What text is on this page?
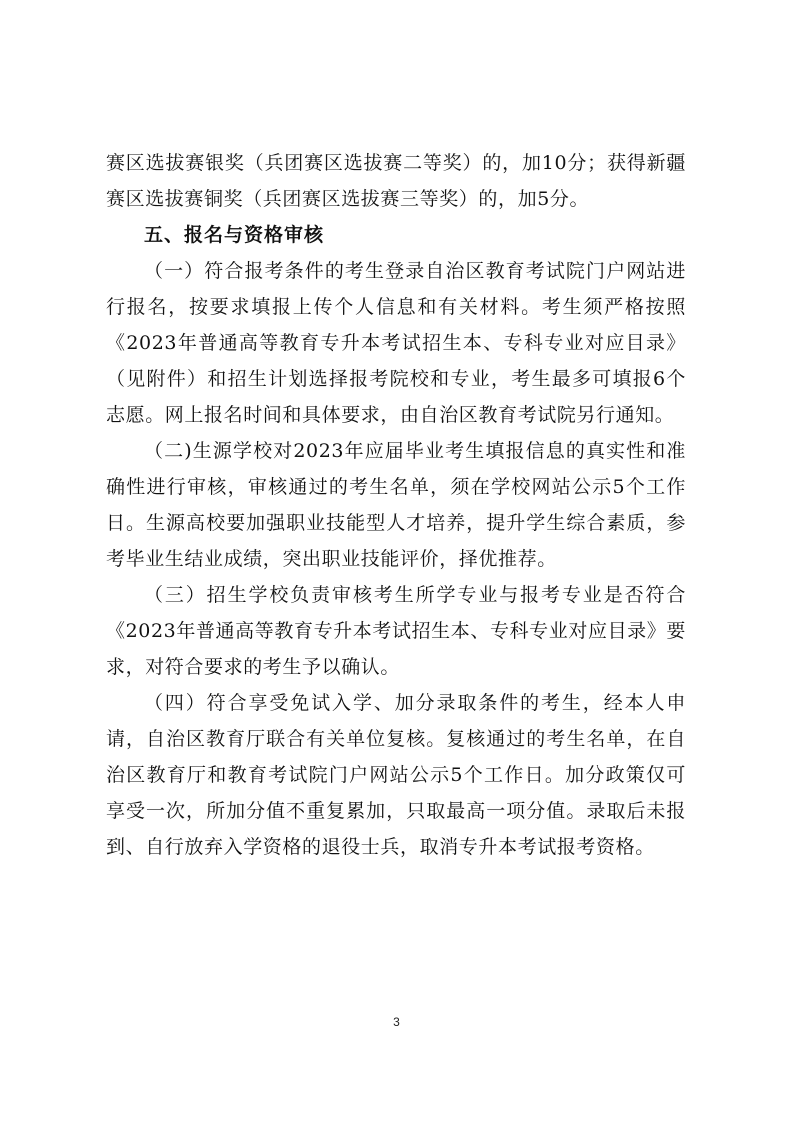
赛区选拔赛银奖（兵团赛区选拔赛二等奖）的，加10分；获得新疆赛区选拔赛铜奖（兵团赛区选拔赛三等奖）的，加5分。

五、报名与资格审核

（一）符合报考条件的考生登录自治区教育考试院门户网站进行报名，按要求填报上传个人信息和有关材料。考生须严格按照《2023年普通高等教育专升本考试招生本、专科专业对应目录》（见附件）和招生计划选择报考院校和专业，考生最多可填报6个志愿。网上报名时间和具体要求，由自治区教育考试院另行通知。

（二)生源学校对2023年应届毕业考生填报信息的真实性和准确性进行审核，审核通过的考生名单，须在学校网站公示5个工作日。生源高校要加强职业技能型人才培养，提升学生综合素质，参考毕业生结业成绩，突出职业技能评价，择优推荐。

（三）招生学校负责审核考生所学专业与报考专业是否符合《2023年普通高等教育专升本考试招生本、专科专业对应目录》要求，对符合要求的考生予以确认。

（四）符合享受免试入学、加分录取条件的考生，经本人申请，自治区教育厅联合有关单位复核。复核通过的考生名单，在自治区教育厅和教育考试院门户网站公示5个工作日。加分政策仅可享受一次，所加分值不重复累加，只取最高一项分值。录取后未报到、自行放弃入学资格的退役士兵，取消专升本考试报考资格。

3
